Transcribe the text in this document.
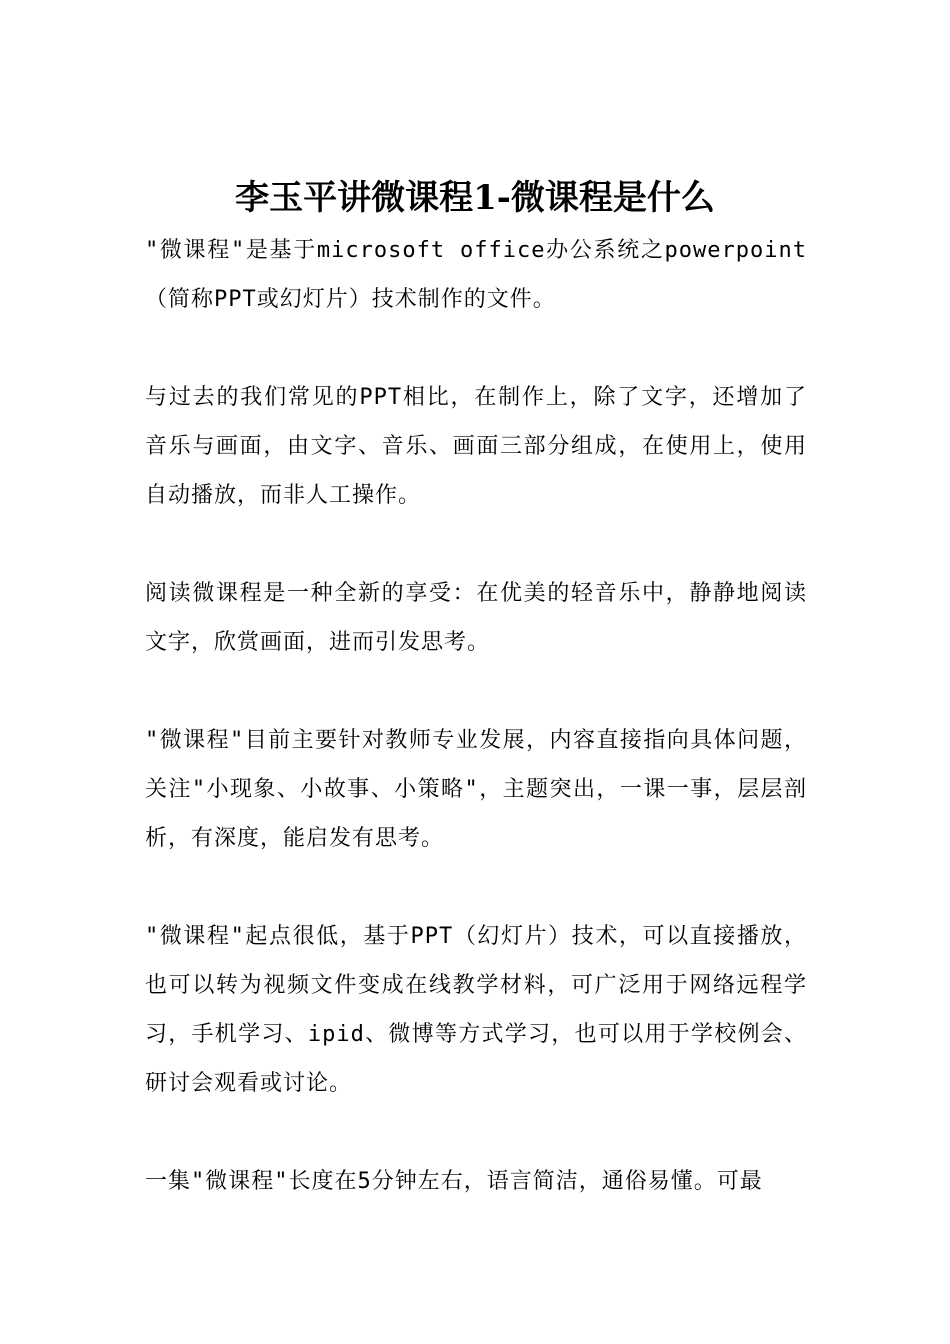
李玉平讲微课程1-微课程是什么

"微课程"是基于microsoft office办公系统之powerpoint（简称PPT或幻灯片）技术制作的文件。

与过去的我们常见的PPT相比，在制作上，除了文字，还增加了音乐与画面，由文字、音乐、画面三部分组成，在使用上，使用自动播放，而非人工操作。

阅读微课程是一种全新的享受：在优美的轻音乐中，静静地阅读文字，欣赏画面，进而引发思考。

"微课程"目前主要针对教师专业发展，内容直接指向具体问题，关注"小现象、小故事、小策略"，主题突出，一课一事，层层剖析，有深度，能启发有思考。

"微课程"起点很低，基于PPT（幻灯片）技术，可以直接播放，也可以转为视频文件变成在线教学材料，可广泛用于网络远程学习，手机学习、ipid、微博等方式学习，也可以用于学校例会、研讨会观看或讨论。

一集"微课程"长度在5分钟左右，语言简洁，通俗易懂。可最
